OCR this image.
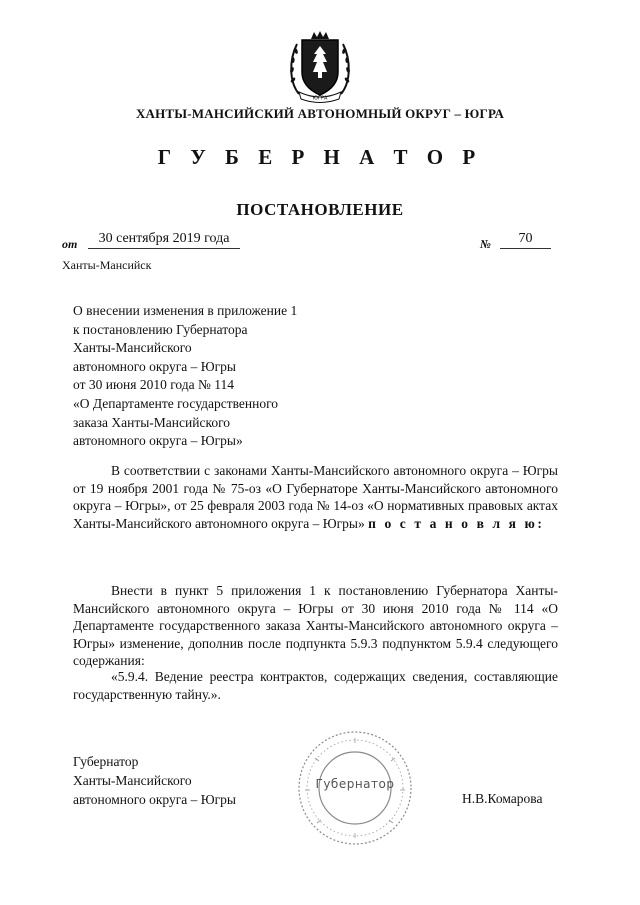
ЮГРА
ХАНТЫ-МАНСИЙСКИЙ АВТОНОМНЫЙ ОКРУГ – ЮГРА
Г У Б Е Р Н А Т О Р
ПОСТАНОВЛЕНИЕ
от	30 сентября 2019 года	№	70
Ханты-Мансийск
О внесении изменения в приложение 1
к постановлению Губернатора
Ханты-Мансийского
автономного округа – Югры
от 30 июня 2010 года № 114
«О Департаменте государственного
заказа Ханты-Мансийского
автономного округа – Югры»

В соответствии с законами Ханты-Мансийского автономного округа – Югры от 19 ноября 2001 года № 75-оз «О Губернаторе Ханты-Мансийского автономного округа – Югры», от 25 февраля 2003 года № 14-оз «О нормативных правовых актах Ханты-Мансийского автономного округа – Югры» п о с т а н о в л я ю:

Внести в пункт 5 приложения 1 к постановлению Губернатора Ханты-Мансийского автономного округа – Югры от 30 июня 2010 года № 114 «О Департаменте государственного заказа Ханты-Мансийского автономного округа – Югры» изменение, дополнив после подпункта 5.9.3 подпунктом 5.9.4 следующего содержания:

«5.9.4. Ведение реестра контрактов, содержащих сведения, составляющие государственную тайну.».

Губернатор
Ханты-Мансийского
автономного округа – Югры
Губернатор
Н.В.Комарова
